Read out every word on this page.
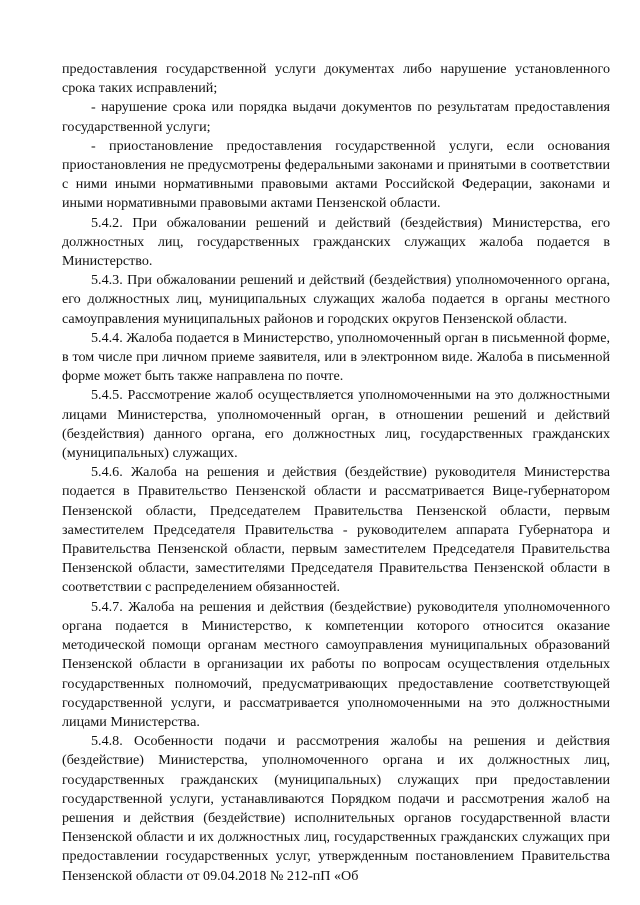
предоставления государственной услуги документах либо нарушение установленного срока таких исправлений;

- нарушение срока или порядка выдачи документов по результатам предоставления государственной услуги;

- приостановление предоставления государственной услуги, если основания приостановления не предусмотрены федеральными законами и принятыми в соответствии с ними иными нормативными правовыми актами Российской Федерации, законами и иными нормативными правовыми актами Пензенской области.

5.4.2. При обжаловании решений и действий (бездействия) Министерства, его должностных лиц, государственных гражданских служащих жалоба подается в Министерство.

5.4.3. При обжаловании решений и действий (бездействия) уполномоченного органа, его должностных лиц, муниципальных служащих жалоба подается в органы местного самоуправления муниципальных районов и городских округов Пензенской области.

5.4.4. Жалоба подается в Министерство, уполномоченный орган в письменной форме, в том числе при личном приеме заявителя, или в электронном виде. Жалоба в письменной форме может быть также направлена по почте.

5.4.5. Рассмотрение жалоб осуществляется уполномоченными на это должностными лицами Министерства, уполномоченный орган, в отношении решений и действий (бездействия) данного органа, его должностных лиц, государственных гражданских (муниципальных) служащих.

5.4.6. Жалоба на решения и действия (бездействие) руководителя Министерства подается в Правительство Пензенской области и рассматривается Вице-губернатором Пензенской области, Председателем Правительства Пензенской области, первым заместителем Председателя Правительства - руководителем аппарата Губернатора и Правительства Пензенской области, первым заместителем Председателя Правительства Пензенской области, заместителями Председателя Правительства Пензенской области в соответствии с распределением обязанностей.

5.4.7. Жалоба на решения и действия (бездействие) руководителя уполномоченного органа подается в Министерство, к компетенции которого относится оказание методической помощи органам местного самоуправления муниципальных образований Пензенской области в организации их работы по вопросам осуществления отдельных государственных полномочий, предусматривающих предоставление соответствующей государственной услуги, и рассматривается уполномоченными на это должностными лицами Министерства.

5.4.8. Особенности подачи и рассмотрения жалобы на решения и действия (бездействие) Министерства, уполномоченного органа и их должностных лиц, государственных гражданских (муниципальных) служащих при предоставлении государственной услуги, устанавливаются Порядком подачи и рассмотрения жалоб на решения и действия (бездействие) исполнительных органов государственной власти Пензенской области и их должностных лиц, государственных гражданских служащих при предоставлении государственных услуг, утвержденным постановлением Правительства Пензенской области от 09.04.2018 № 212-пП «Об
